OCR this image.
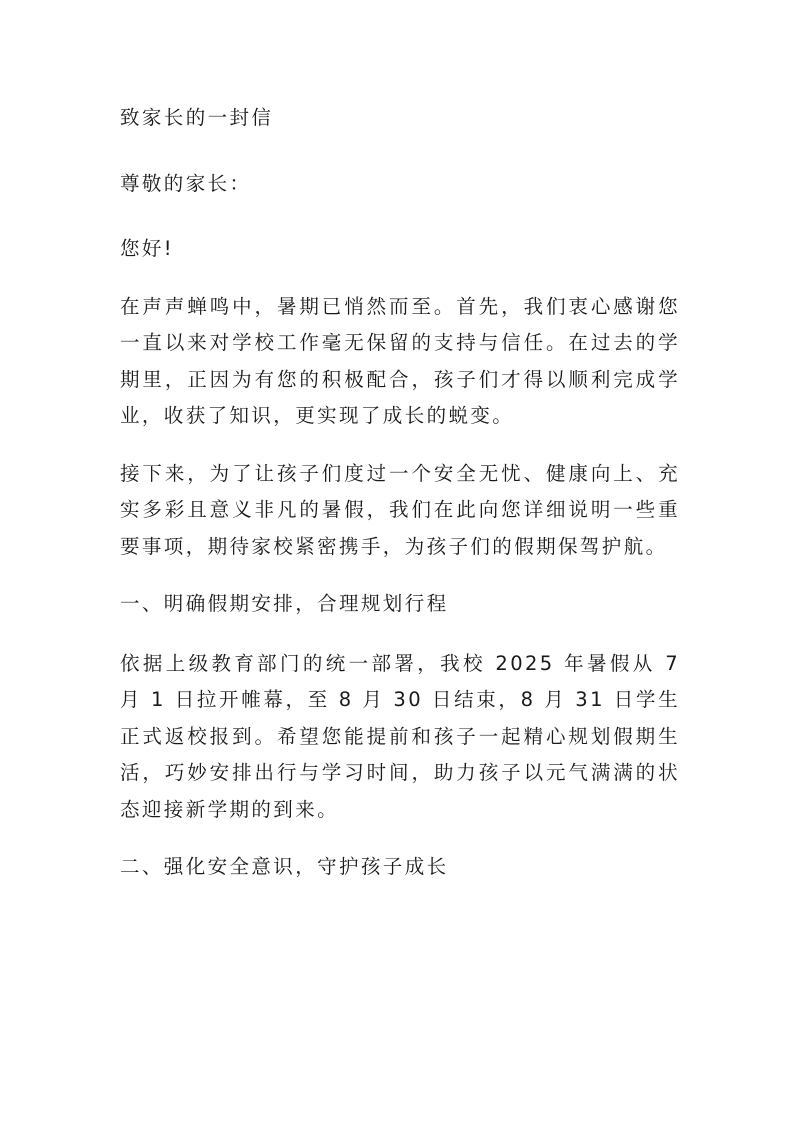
致家长的一封信

尊敬的家长：

您好!

在声声蝉鸣中，暑期已悄然而至。首先，我们衷心感谢您一直以来对学校工作毫无保留的支持与信任。在过去的学期里，正因为有您的积极配合，孩子们才得以顺利完成学业，收获了知识，更实现了成长的蜕变。

接下来，为了让孩子们度过一个安全无忧、健康向上、充实多彩且意义非凡的暑假，我们在此向您详细说明一些重要事项，期待家校紧密携手，为孩子们的假期保驾护航。

一、明确假期安排，合理规划行程

依据上级教育部门的统一部署，我校 2025 年暑假从 7 月 1 日拉开帷幕，至 8 月 30 日结束，8 月 31 日学生正式返校报到。希望您能提前和孩子一起精心规划假期生活，巧妙安排出行与学习时间，助力孩子以元气满满的状态迎接新学期的到来。

二、强化安全意识，守护孩子成长
